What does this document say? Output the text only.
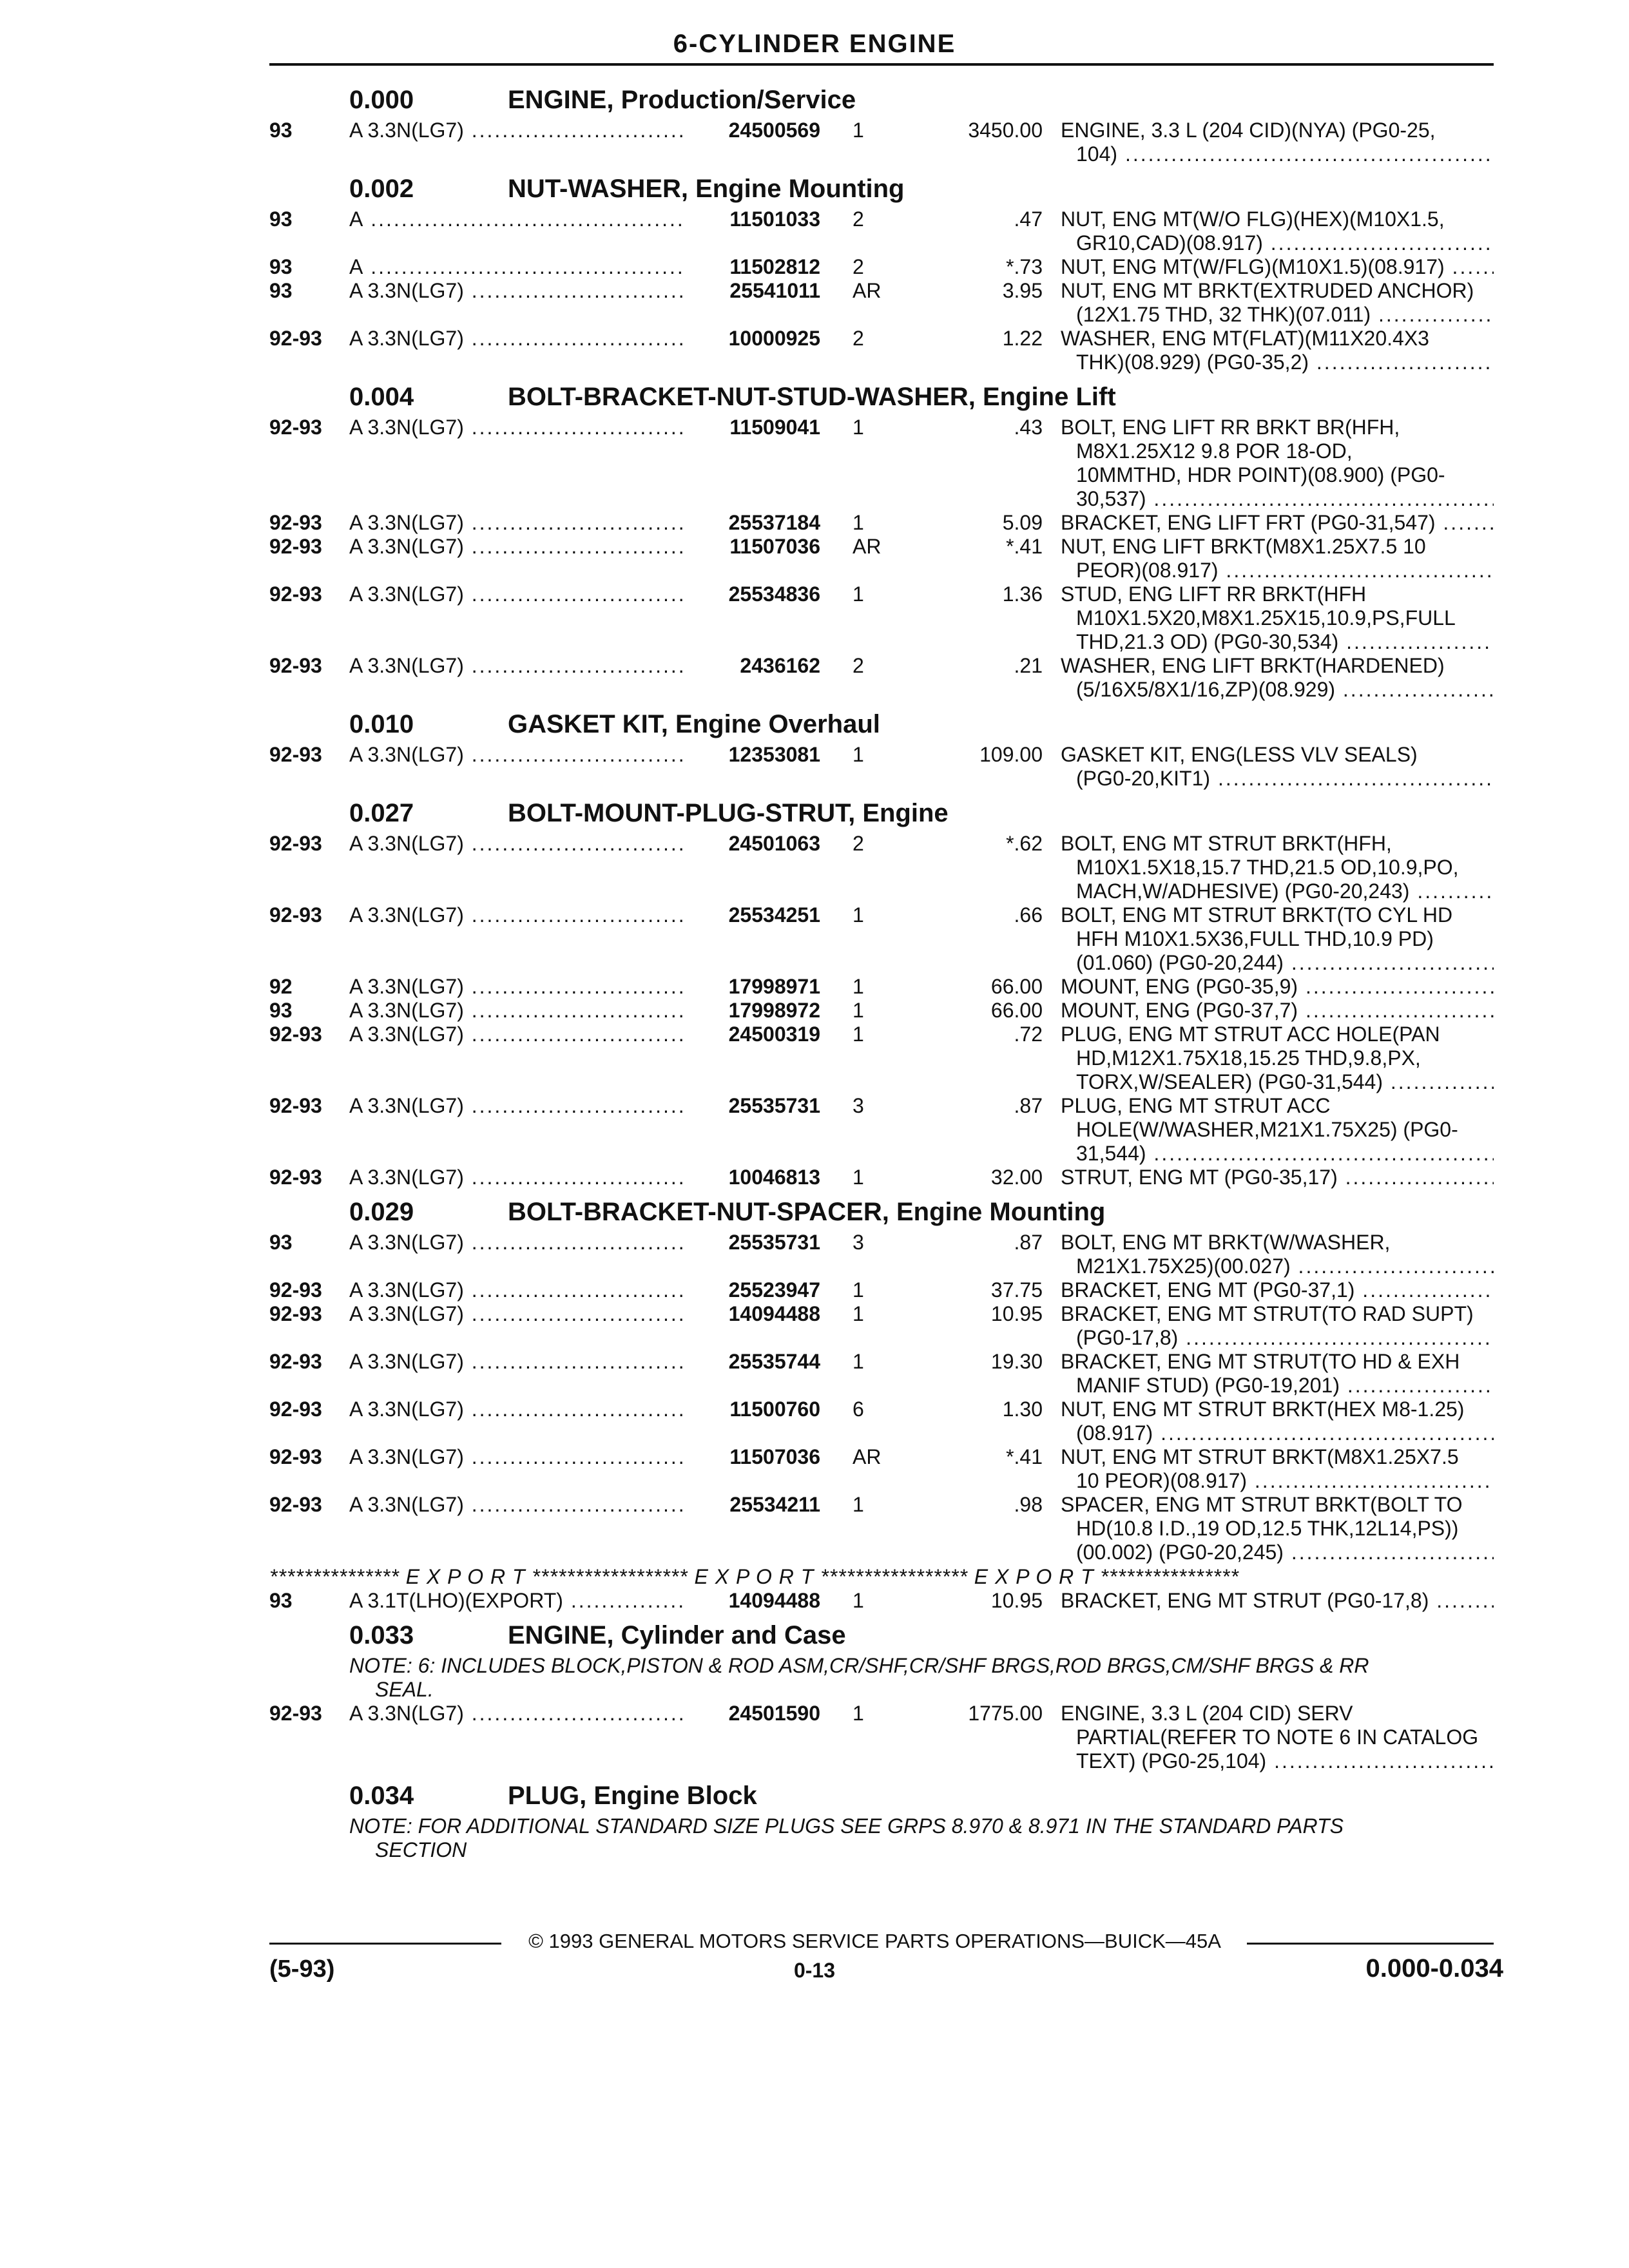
6-CYLINDER ENGINE
0.000	ENGINE, Production/Service
93	A 3.3N(LG7) .....	24500569 1	3450.00 ENGINE, 3.3 L (204 CID)(NYA) (PG0-25,
104) .....
0.002	NUT-WASHER, Engine Mounting
93	A .....	11501033 2	.47 NUT, ENG MT(W/O FLG)(HEX)(M10X1.5,
GR10,CAD)(08.917) .....
93	A .....	11502812 2	*.73 NUT, ENG MT(W/FLG)(M10X1.5)(08.917) .....
93	A 3.3N(LG7) .....	25541011 AR	3.95 NUT, ENG MT BRKT(EXTRUDED ANCHOR)
(12X1.75 THD, 32 THK)(07.011) .....
92-93 A 3.3N(LG7) .....	10000925 2	1.22 WASHER, ENG MT(FLAT)(M11X20.4X3
THK)(08.929) (PG0-35,2) .....
0.004	BOLT-BRACKET-NUT-STUD-WASHER, Engine Lift
92-93 A 3.3N(LG7) .....	11509041 1	.43 BOLT, ENG LIFT RR BRKT BR(HFH,
M8X1.25X12 9.8 POR 18-OD,
10MMTHD, HDR POINT)(08.900) (PG0-
30,537) .....
92-93 A 3.3N(LG7) .....	25537184 1	5.09 BRACKET, ENG LIFT FRT (PG0-31,547) .....
92-93 A 3.3N(LG7) .....	11507036 AR	*.41 NUT, ENG LIFT BRKT(M8X1.25X7.5 10
PEOR)(08.917) .....
92-93 A 3.3N(LG7) .....	25534836 1	1.36 STUD, ENG LIFT RR BRKT(HFH
M10X1.5X20,M8X1.25X15,10.9,PS,FULL
THD,21.3 OD) (PG0-30,534) .....
92-93 A 3.3N(LG7) .....	2436162 2	.21 WASHER, ENG LIFT BRKT(HARDENED)
(5/16X5/8X1/16,ZP)(08.929) .....
0.010	GASKET KIT, Engine Overhaul
92-93 A 3.3N(LG7) .....	12353081 1	109.00 GASKET KIT, ENG(LESS VLV SEALS)
(PG0-20,KIT1) .....
0.027	BOLT-MOUNT-PLUG-STRUT, Engine
92-93 A 3.3N(LG7) .....	24501063 2	*.62 BOLT, ENG MT STRUT BRKT(HFH,
M10X1.5X18,15.7 THD,21.5 OD,10.9,PO,
MACH,W/ADHESIVE) (PG0-20,243) .....
92-93 A 3.3N(LG7) .....	25534251 1	.66 BOLT, ENG MT STRUT BRKT(TO CYL HD
HFH M10X1.5X36,FULL THD,10.9 PD)
(01.060) (PG0-20,244) .....
92	A 3.3N(LG7) .....	17998971 1	66.00 MOUNT, ENG (PG0-35,9) .....
93	A 3.3N(LG7) .....	17998972 1	66.00 MOUNT, ENG (PG0-37,7) .....
92-93 A 3.3N(LG7) .....	24500319 1	.72 PLUG, ENG MT STRUT ACC HOLE(PAN
HD,M12X1.75X18,15.25 THD,9.8,PX,
TORX,W/SEALER) (PG0-31,544) .....
92-93 A 3.3N(LG7) .....	25535731 3	.87 PLUG, ENG MT STRUT ACC
HOLE(W/WASHER,M21X1.75X25) (PG0-
31,544) .....
92-93 A 3.3N(LG7) .....	10046813 1	32.00 STRUT, ENG MT (PG0-35,17) .....
0.029	BOLT-BRACKET-NUT-SPACER, Engine Mounting
93	A 3.3N(LG7) .....	25535731 3	.87 BOLT, ENG MT BRKT(W/WASHER,
M21X1.75X25)(00.027) .....
92-93 A 3.3N(LG7) .....	25523947 1	37.75 BRACKET, ENG MT (PG0-37,1) .....
92-93 A 3.3N(LG7) .....	14094488 1	10.95 BRACKET, ENG MT STRUT(TO RAD SUPT)
(PG0-17,8) .....
92-93 A 3.3N(LG7) .....	25535744 1	19.30 BRACKET, ENG MT STRUT(TO HD & EXH
MANIF STUD) (PG0-19,201) .....
92-93 A 3.3N(LG7) .....	11500760 6	1.30 NUT, ENG MT STRUT BRKT(HEX M8-1.25)
(08.917) .....
92-93 A 3.3N(LG7) .....	11507036 AR	*.41 NUT, ENG MT STRUT BRKT(M8X1.25X7.5
10 PEOR)(08.917) .....
92-93 A 3.3N(LG7) .....	25534211 1	.98 SPACER, ENG MT STRUT BRKT(BOLT TO
HD(10.8 I.D.,19 OD,12.5 THK,12L14,PS))
(00.002) (PG0-20,245) .....
*************** E X P O R T ****************** E X P O R T ***************** E X P O R T ****************
93	A 3.1T(LHO)(EXPORT) .....	14094488 1	10.95 BRACKET, ENG MT STRUT (PG0-17,8) .....
0.033	ENGINE, Cylinder and Case
NOTE: 6: INCLUDES BLOCK,PISTON & ROD ASM,CR/SHF,CR/SHF BRGS,ROD BRGS,CM/SHF BRGS & RR
SEAL.
92-93 A 3.3N(LG7) .....	24501590 1	1775.00 ENGINE, 3.3 L (204 CID) SERV
PARTIAL(REFER TO NOTE 6 IN CATALOG
TEXT) (PG0-25,104) .....
0.034	PLUG, Engine Block
NOTE: FOR ADDITIONAL STANDARD SIZE PLUGS SEE GRPS 8.970 & 8.971 IN THE STANDARD PARTS
SECTION
© 1993 GENERAL MOTORS SERVICE PARTS OPERATIONS—BUICK—45A
(5-93)	0-13	0.000-0.034
